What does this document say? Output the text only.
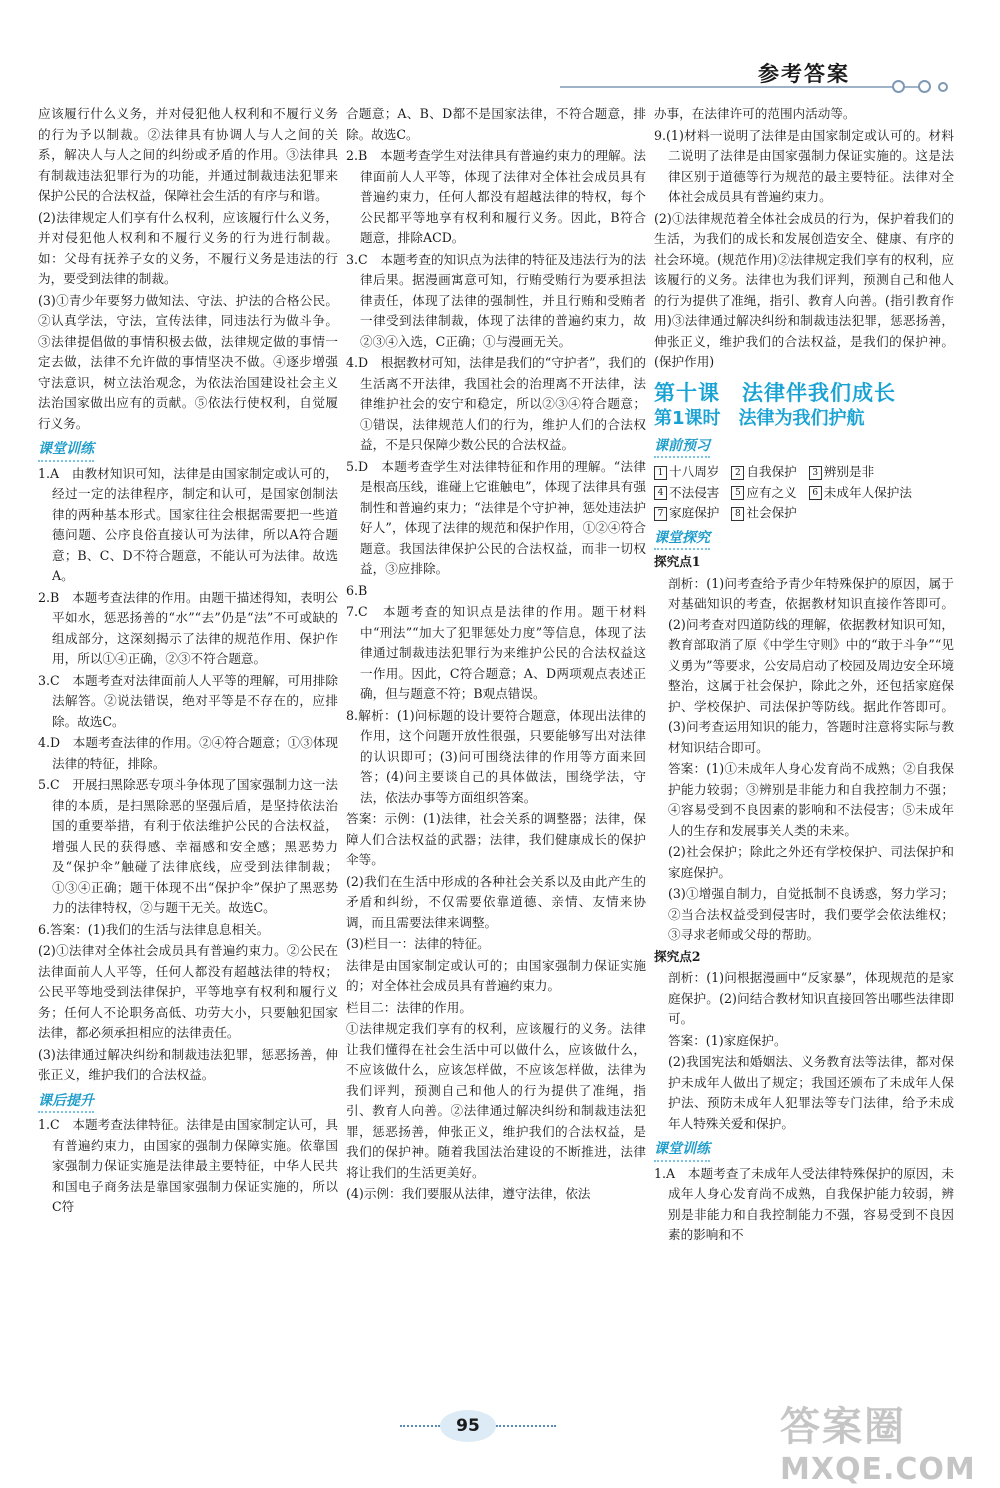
参考答案

应该履行什么义务，并对侵犯他人权利和不履行义务的行为予以制裁。②法律具有协调人与人之间的关系，解决人与人之间的纠纷或矛盾的作用。③法律具有制裁违法犯罪行为的功能，并通过制裁违法犯罪来保护公民的合法权益，保障社会生活的有序与和谐。

(2)法律规定人们享有什么权利，应该履行什么义务，并对侵犯他人权利和不履行义务的行为进行制裁。如：父母有抚养子女的义务，不履行义务是违法的行为，要受到法律的制裁。

(3)①青少年要努力做知法、守法、护法的合格公民。②认真学法，守法，宣传法律，同违法行为做斗争。③法律提倡做的事情积极去做，法律规定做的事情一定去做，法律不允许做的事情坚决不做。④逐步增强守法意识，树立法治观念，为依法治国建设社会主义法治国家做出应有的贡献。⑤依法行使权利，自觉履行义务。

课堂训练

1.A　由教材知识可知，法律是由国家制定或认可的，经过一定的法律程序，制定和认可，是国家创制法律的两种基本形式。国家往往会根据需要把一些道德问题、公序良俗直接认可为法律，所以A符合题意；B、C、D不符合题意，不能认可为法律。故选A。

2.B　本题考查法律的作用。由题干描述得知，表明公平如水，惩恶扬善的“水”“去”仍是“法”不可或缺的组成部分，这深刻揭示了法律的规范作用、保护作用，所以①④正确，②③不符合题意。

3.C　本题考查对法律面前人人平等的理解，可用排除法解答。②说法错误，绝对平等是不存在的，应排除。故选C。

4.D　本题考查法律的作用。②④符合题意；①③体现法律的特征，排除。

5.C　开展扫黑除恶专项斗争体现了国家强制力这一法律的本质，是扫黑除恶的坚强后盾，是坚持依法治国的重要举措，有利于依法维护公民的合法权益，增强人民的获得感、幸福感和安全感；黑恶势力及“保护伞”触碰了法律底线，应受到法律制裁；①③④正确；题干体现不出“保护伞”保护了黑恶势力的法律特权，②与题干无关。故选C。

6.答案：(1)我们的生活与法律息息相关。

(2)①法律对全体社会成员具有普遍约束力。②公民在法律面前人人平等，任何人都没有超越法律的特权；公民平等地受到法律保护，平等地享有权利和履行义务；任何人不论职务高低、功劳大小，只要触犯国家法律，都必须承担相应的法律责任。

(3)法律通过解决纠纷和制裁违法犯罪，惩恶扬善，伸张正义，维护我们的合法权益。

课后提升

1.C　本题考查法律特征。法律是由国家制定认可，具有普遍约束力，由国家的强制力保障实施。依靠国家强制力保证实施是法律最主要特征，中华人民共和国电子商务法是靠国家强制力保证实施的，所以C符

合题意；A、B、D都不是国家法律，不符合题意，排除。故选C。

2.B　本题考查学生对法律具有普遍约束力的理解。法律面前人人平等，体现了法律对全体社会成员具有普遍约束力，任何人都没有超越法律的特权，每个公民都平等地享有权利和履行义务。因此，B符合题意，排除ACD。

3.C　本题考查的知识点为法律的特征及违法行为的法律后果。据漫画寓意可知，行贿受贿行为要承担法律责任，体现了法律的强制性，并且行贿和受贿者一律受到法律制裁，体现了法律的普遍约束力，故②③④入选，C正确；①与漫画无关。

4.D　根据教材可知，法律是我们的“守护者”，我们的生活离不开法律，我国社会的治理离不开法律，法律维护社会的安宁和稳定，所以②③④符合题意；①错误，法律规范人们的行为，维护人们的合法权益，不是只保障少数公民的合法权益。

5.D　本题考查学生对法律特征和作用的理解。“法律是根高压线，谁碰上它谁触电”，体现了法律具有强制性和普遍约束力；“法律是个守护神，惩处违法护好人”，体现了法律的规范和保护作用，①②④符合题意。我国法律保护公民的合法权益，而非一切权益，③应排除。

6.B

7.C　本题考查的知识点是法律的作用。题干材料中“刑法”“加大了犯罪惩处力度”等信息，体现了法律通过制裁违法犯罪行为来维护公民的合法权益这一作用。因此，C符合题意；A、D两项观点表述正确，但与题意不符；B观点错误。

8.解析：(1)问标题的设计要符合题意，体现出法律的作用，这个问题开放性很强，只要能够写出对法律的认识即可；(3)问可围绕法律的作用等方面来回答；(4)问主要谈自己的具体做法，围绕学法，守法，依法办事等方面组织答案。

答案：示例：(1)法律，社会关系的调整器；法律，保障人们合法权益的武器；法律，我们健康成长的保护伞等。

(2)我们在生活中形成的各种社会关系以及由此产生的矛盾和纠纷，不仅需要依靠道德、亲情、友情来协调，而且需要法律来调整。

(3)栏目一：法律的特征。

法律是由国家制定或认可的；由国家强制力保证实施的；对全体社会成员具有普遍约束力。

栏目二：法律的作用。

①法律规定我们享有的权利，应该履行的义务。法律让我们懂得在社会生活中可以做什么，应该做什么，不应该做什么，应该怎样做，不应该怎样做，法律为我们评判，预测自己和他人的行为提供了准绳，指引、教育人向善。②法律通过解决纠纷和制裁违法犯罪，惩恶扬善，伸张正义，维护我们的合法权益，是我们的保护神。随着我国法治建设的不断推进，法律将让我们的生活更美好。

(4)示例：我们要服从法律，遵守法律，依法

办事，在法律许可的范围内活动等。

9.(1)材料一说明了法律是由国家制定或认可的。材料二说明了法律是由国家强制力保证实施的。这是法律区别于道德等行为规范的最主要特征。法律对全体社会成员具有普遍约束力。

(2)①法律规范着全体社会成员的行为，保护着我们的生活，为我们的成长和发展创造安全、健康、有序的社会环境。(规范作用)②法律规定我们享有的权利，应该履行的义务。法律也为我们评判，预测自己和他人的行为提供了准绳，指引、教育人向善。(指引教育作用)③法律通过解决纠纷和制裁违法犯罪，惩恶扬善，伸张正义，维护我们的合法权益，是我们的保护神。(保护作用)

第十课　法律伴我们成长
第1课时　法律为我们护航
课前预习
1 十八周岁 2 自我保护 3 辨别是非 4 不法侵害 5 应有之义 6 未成年人保护法 7 家庭保护 8 社会保护
课堂探究

探究点1

剖析：(1)问考查给予青少年特殊保护的原因，属于对基础知识的考查，依据教材知识直接作答即可。(2)问考查对四道防线的理解，依据教材知识可知，教育部取消了原《中学生守则》中的“敢于斗争”“见义勇为”等要求，公安局启动了校园及周边安全环境整治，这属于社会保护，除此之外，还包括家庭保护、学校保护、司法保护等防线。据此作答即可。(3)问考查运用知识的能力，答题时注意将实际与教材知识结合即可。

答案：(1)①未成年人身心发育尚不成熟；②自我保护能力较弱；③辨别是非能力和自我控制力不强；④容易受到不良因素的影响和不法侵害；⑤未成年人的生存和发展事关人类的未来。

(2)社会保护；除此之外还有学校保护、司法保护和家庭保护。

(3)①增强自制力，自觉抵制不良诱惑，努力学习；②当合法权益受到侵害时，我们要学会依法维权；③寻求老师或父母的帮助。

探究点2

剖析：(1)问根据漫画中“反家暴”，体现规范的是家庭保护。(2)问结合教材知识直接回答出哪些法律即可。

答案：(1)家庭保护。

(2)我国宪法和婚姻法、义务教育法等法律，都对保护未成年人做出了规定；我国还颁布了未成年人保护法、预防未成年人犯罪法等专门法律，给予未成年人特殊关爱和保护。

课堂训练

1.A　本题考查了未成年人受法律特殊保护的原因，未成年人身心发育尚不成熟，自我保护能力较弱，辨别是非能力和自我控制能力不强，容易受到不良因素的影响和不

95	答案圈
MXQE.COM
